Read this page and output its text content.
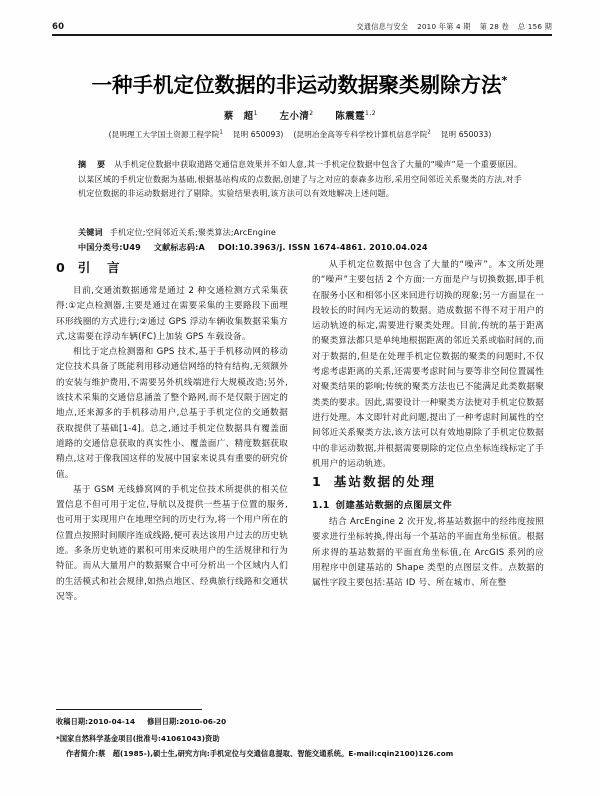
60	交通信息与安全 2010 年第 4 期 第 28 卷 总 156 期
一种手机定位数据的非运动数据聚类剔除方法*
蔡　超$^1$ 左小清$^2$ 陈震霆$^{1,2}$
(昆明理工大学国土资源工程学院$^1$ 昆明 650093) (昆明冶金高等专科学校计算机信息学院$^2$ 昆明 650033)
摘 要 从手机定位数据中获取道路交通信息效果并不如人意,其一手机定位数据中包含了大量的“噪声”是一个重要原因。以某区域的手机定位数据为基础,根据基站构成的点数据,创建了与之对应的泰森多边形,采用空间邻近关系聚类的方法,对手机定位数据的非运动数据进行了剔除。实验结果表明,该方法可以有效地解决上述问题。
关键词 手机定位;空间邻近关系;聚类算法;ArcEngine
中国分类号:U49 文献标志码:A DOI:10.3963/j. ISSN 1674-4861. 2010.04.024
0 引　言

目前,交通流数据通常是通过 2 种交通检测方式采集获得:①定点检测器,主要是通过在需要采集的主要路段下面埋环形线圈的方式进行;②通过 GPS 浮动车辆收集数据采集方式,这需要在浮动车辆(FC)上加装 GPS 车载设备。

相比于定点检测器和 GPS 技术,基于手机移动网的移动定位技术具备了既能利用移动通信网络的特有结构,无须额外的安装与维护费用,不需要另外机线端进行大规模改造;另外,该技术采集的交通信息涵盖了整个路网,而不是仅限于固定的地点,还来源多的手机移动用户,总基于手机定位的交通数据获取提供了基础[1-4]。总之,通过手机定位数据具有覆盖面道路的交通信息获取的真实性小、覆盖面广、精度数据获取精点,这对于像我国这样的发展中国家来说具有重要的研究价值。

基于 GSM 无线蜂窝网的手机定位技术所提供的相关位置信息不但可用于定位,导航以及提供一些基于位置的服务,也可用于实现用户在地理空间的历史行为,将一个用户所在的位置点按照时间顺序连成线路,便可表达该用户过去的历史轨迹。多条历史轨迹的累积可用来反映用户的生活规律和行为特征。而从大量用户的数据聚合中可分析出一个区域内人们的生活模式和社会规律,如热点地区、经典旅行线路和交通状况等。

从手机定位数据中包含了大量的“噪声”。本文所处理的“噪声”主要包括 2 个方面:一方面是户与切换数据,即手机在服务小区和相邻小区来回进行切换的现象;另一方面显在一段较长的时间内无运动的数据。造成数据不得不对于用户的运动轨迹的标定,需要进行聚类处理。目前,传统的基于距离的聚类算法都只是单纯地根据距离的邻近关系或临时间的,而对于数据的,但是在处理手机定位数据的聚类的问题时,不仅考虑考虑距离的关系,还需要考虑时间与要等非空间位置属性对聚类结果的影响;传统的聚类方法也已不能满足此类数据聚类类的要求。因此,需要设计一种聚类方法使对手机定位数据进行处理。本文即针对此问题,提出了一种考虑时间属性的空间邻近关系聚类方法,该方法可以有效地剔除了手机定位数据中的非运动数据,并根据需要剔除的定位点坐标连线标定了手机用户的运动轨迹。

1 基站数据的处理
1.1 创建基站数据的点图层文件

结合 ArcEngine 2 次开发,将基站数据中的经纬度按照要求进行坐标转换,得出每一个基站的平面直角坐标值。根据所求得的基站数据的平面直角坐标值,在 ArcGIS 系列的应用程序中创建基站的 Shape 类型的点图层文件。点数据的属性字段主要包括:基站 ID 号、所在城市、所在整

收稿日期:2010-04-14 修回日期:2010-06-20
*国家自然科学基金项目(批准号:41061043)资助
作者简介:蔡　超(1985-),硕士生,研究方向:手机定位与交通信息提取、智能交通系统。E-mail:cqin2100)126.com
